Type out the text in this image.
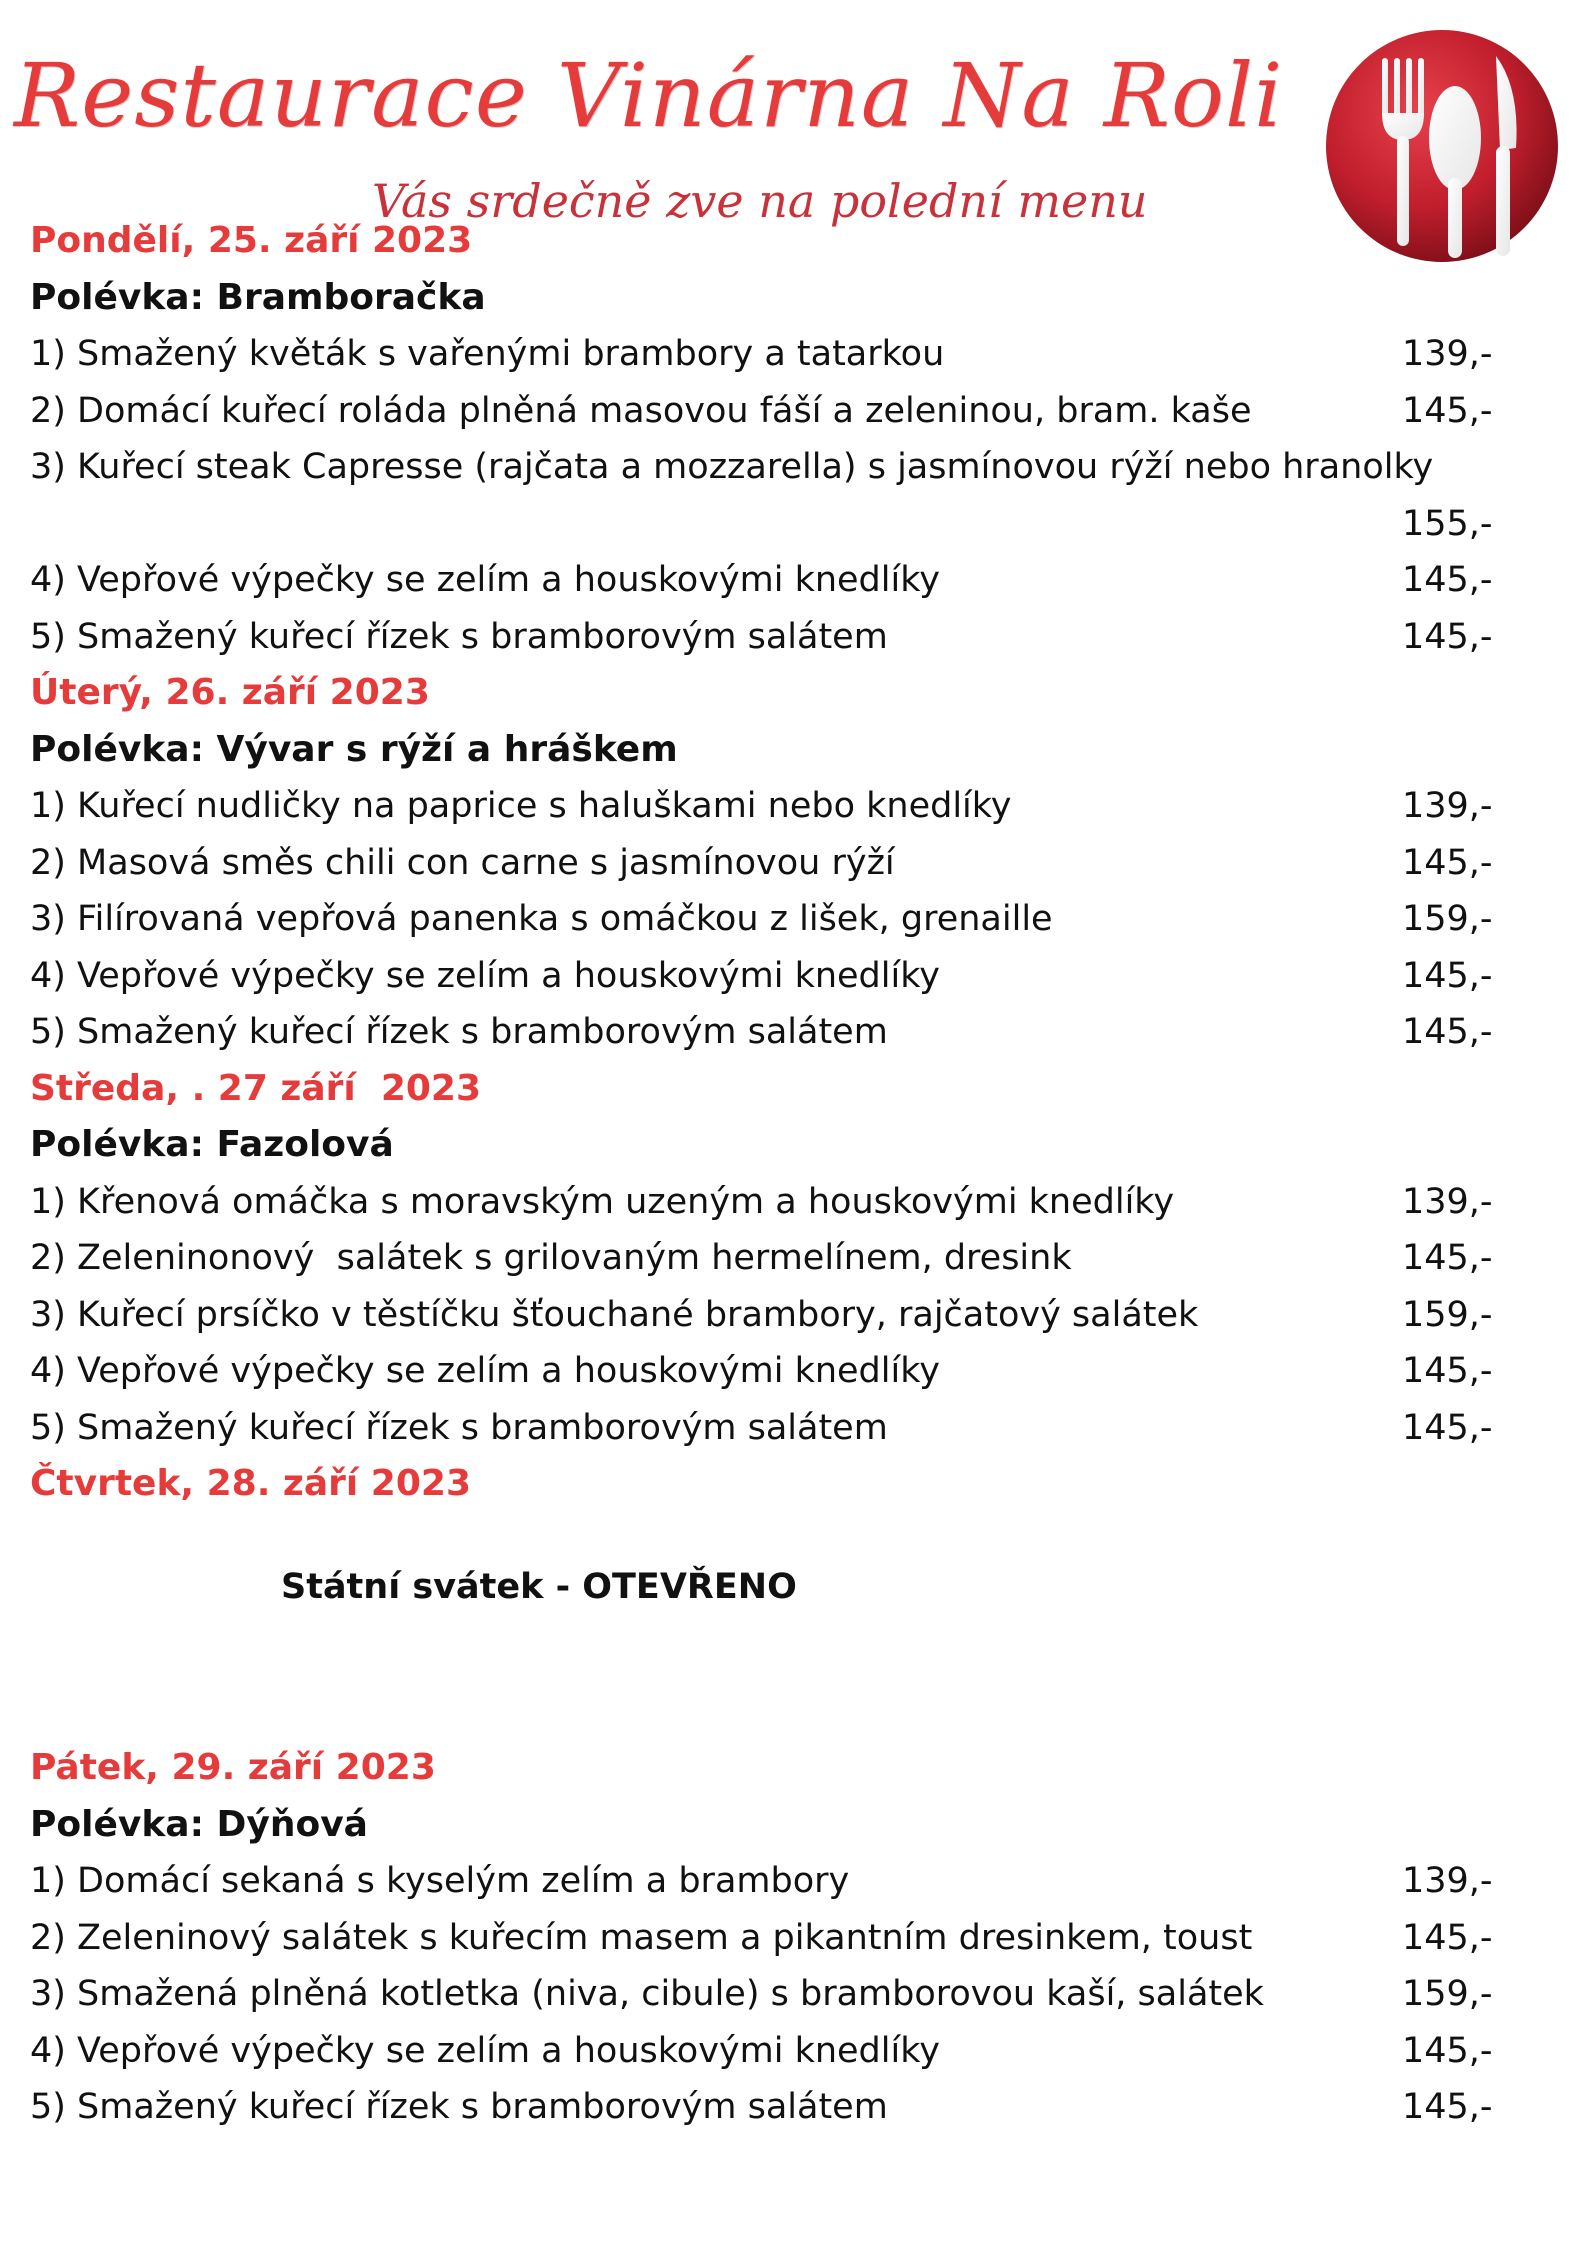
Restaurace Vinárna Na Roli
Vás srdečně zve na polední menu
Pondělí, 25. září 2023
Polévka: Bramboračka
1) Smažený květák s vařenými brambory a tatarkou	139,-
2) Domácí kuřecí roláda plněná masovou fáší a zeleninou, bram. kaše	145,-
3) Kuřecí steak Capresse (rajčata a mozzarella) s jasmínovou rýží nebo hranolky
155,-
4) Vepřové výpečky se zelím a houskovými knedlíky	145,-
5) Smažený kuřecí řízek s bramborovým salátem	145,-
Úterý, 26. září 2023
Polévka: Vývar s rýží a hráškem
1) Kuřecí nudličky na paprice s haluškami nebo knedlíky	139,-
2) Masová směs chili con carne s jasmínovou rýží	145,-
3) Filírovaná vepřová panenka s omáčkou z lišek, grenaille	159,-
4) Vepřové výpečky se zelím a houskovými knedlíky	145,-
5) Smažený kuřecí řízek s bramborovým salátem	145,-
Středa, . 27 září  2023
Polévka: Fazolová
1) Křenová omáčka s moravským uzeným a houskovými knedlíky	139,-
2) Zeleninonový  salátek s grilovaným hermelínem, dresink	145,-
3) Kuřecí prsíčko v těstíčku šťouchané brambory, rajčatový salátek	159,-
4) Vepřové výpečky se zelím a houskovými knedlíky	145,-
5) Smažený kuřecí řízek s bramborovým salátem	145,-
Čtvrtek, 28. září 2023
Státní svátek - OTEVŘENO
Pátek, 29. září 2023
Polévka: Dýňová
1) Domácí sekaná s kyselým zelím a brambory	139,-
2) Zeleninový salátek s kuřecím masem a pikantním dresinkem, toust	145,-
3) Smažená plněná kotletka (niva, cibule) s bramborovou kaší, salátek	159,-
4) Vepřové výpečky se zelím a houskovými knedlíky	145,-
5) Smažený kuřecí řízek s bramborovým salátem	145,-
